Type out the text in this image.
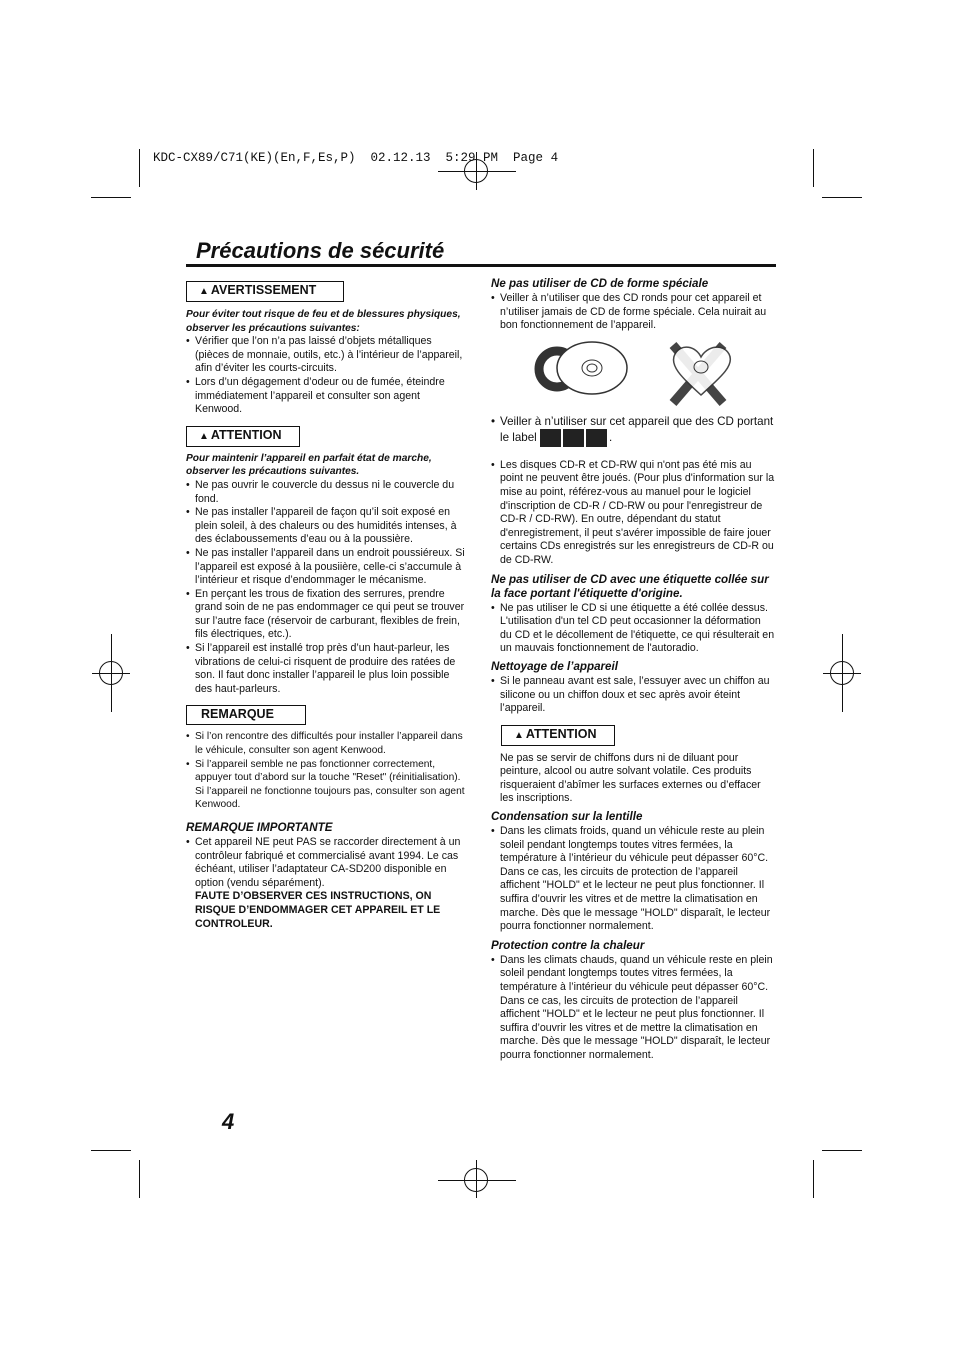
KDC-CX89/C71(KE)(En,F,Es,P)  02.12.13  5:29 PM  Page 4
Précautions de sécurité
▲ AVERTISSEMENT

Pour éviter tout risque de feu et de blessures physiques, observer les précautions suivantes:

• Vérifier que l’on n’a pas laissé d’objets métalliques (pièces de monnaie, outils, etc.) à l’intérieur de l’appareil, afin d’éviter les courts-circuits.
• Lors d’un dégagement d’odeur ou de fumée, éteindre immédiatement l’appareil et consulter son agent Kenwood.
▲ ATTENTION

Pour maintenir l’appareil en parfait état de marche, observer les précautions suivantes.

• Ne pas ouvrir le couvercle du dessus ni le couvercle du fond.
• Ne pas installer l’appareil de façon qu’il soit exposé en plein soleil, à des chaleurs ou des humidités intenses, à des éclaboussements d’eau ou à la poussière.
• Ne pas installer l’appareil dans un endroit poussiéreux. Si l’appareil est exposé à la pousiière, celle-ci s’accumule à l’intérieur et risque d’endommager le mécanisme.
• En perçant les trous de fixation des serrures, prendre grand soin de ne pas endommager ce qui peut se trouver sur l’autre face (réservoir de carburant, flexibles de frein, fils électriques, etc.).
• Si l’appareil est installé trop près d’un haut-parleur, les vibrations de celui-ci risquent de produire des ratées de son. Il faut donc installer l’appareil le plus loin possible des haut-parleurs.
REMARQUE
• Si l’on rencontre des difficultés pour installer l’appareil dans le véhicule, consulter son agent Kenwood.
• Si l’appareil semble ne pas fonctionner correctement, appuyer tout d’abord sur la touche "Reset" (réinitialisation). Si l’appareil ne fonctionne toujours pas, consulter son agent Kenwood.

REMARQUE IMPORTANTE

• Cet appareil NE peut PAS se raccorder directement à un contrôleur fabriqué et commercialisé avant 1994. Le cas échéant, utiliser l’adaptateur CA-SD200 disponible en option (vendu séparément).
FAUTE D’OBSERVER CES INSTRUCTIONS, ON RISQUE D’ENDOMMAGER CET APPAREIL ET LE CONTROLEUR.

Ne pas utiliser de CD de forme spéciale

• Veiller à n’utiliser que des CD ronds pour cet appareil et n’utiliser jamais de CD de forme spéciale. Cela nuirait au bon fonctionnement de l’appareil.
• Veiller à n’utiliser sur cet appareil que des CD portant le label	.
• Les disques CD-R et CD-RW qui n'ont pas été mis au point ne peuvent être joués. (Pour plus d'information sur la mise au point, référez-vous au manuel pour le logiciel d'inscription de CD-R / CD-RW ou pour l'enregistreur de CD-R / CD-RW). En outre, dépendant du statut d'enregistrement, il peut s'avérer impossible de faire jouer certains CDs enregistrés sur les enregistreurs de CD-R ou de CD-RW.

Ne pas utiliser de CD avec une étiquette collée sur la face portant l'étiquette d'origine.

• Ne pas utiliser le CD si une étiquette a été collée dessus. L'utilisation d'un tel CD peut occasionner la déformation du CD et le décollement de l'étiquette, ce qui résulterait en un mauvais fonctionnement de l'autoradio.

Nettoyage de l’appareil

• Si le panneau avant est sale, l’essuyer avec un chiffon au silicone ou un chiffon doux et sec après avoir éteint l’appareil.
▲ ATTENTION

Ne pas se servir de chiffons durs ni de diluant pour peinture, alcool ou autre solvant volatile. Ces produits risqueraient d’abîmer les surfaces externes ou d’effacer les inscriptions.

Condensation sur la lentille

• Dans les climats froids, quand un véhicule reste au plein soleil pendant longtemps toutes vitres fermées, la température à l’intérieur du véhicule peut dépasser 60°C. Dans ce cas, les circuits de protection de l’appareil affichent "HOLD" et le lecteur ne peut plus fonctionner. Il suffira d’ouvrir les vitres et de mettre la climatisation en marche. Dès que le message "HOLD" disparaît, le lecteur pourra fonctionner normalement.

Protection contre la chaleur

• Dans les climats chauds, quand un véhicule reste en plein soleil pendant longtemps toutes vitres fermées, la température à l’intérieur du véhicule peut dépasser 60°C. Dans ce cas, les circuits de protection de l’appareil affichent "HOLD" et le lecteur ne peut plus fonctionner. Il suffira d’ouvrir les vitres et de mettre la climatisation en marche. Dès que le message "HOLD" disparaît, le lecteur pourra fonctionner normalement.
4
